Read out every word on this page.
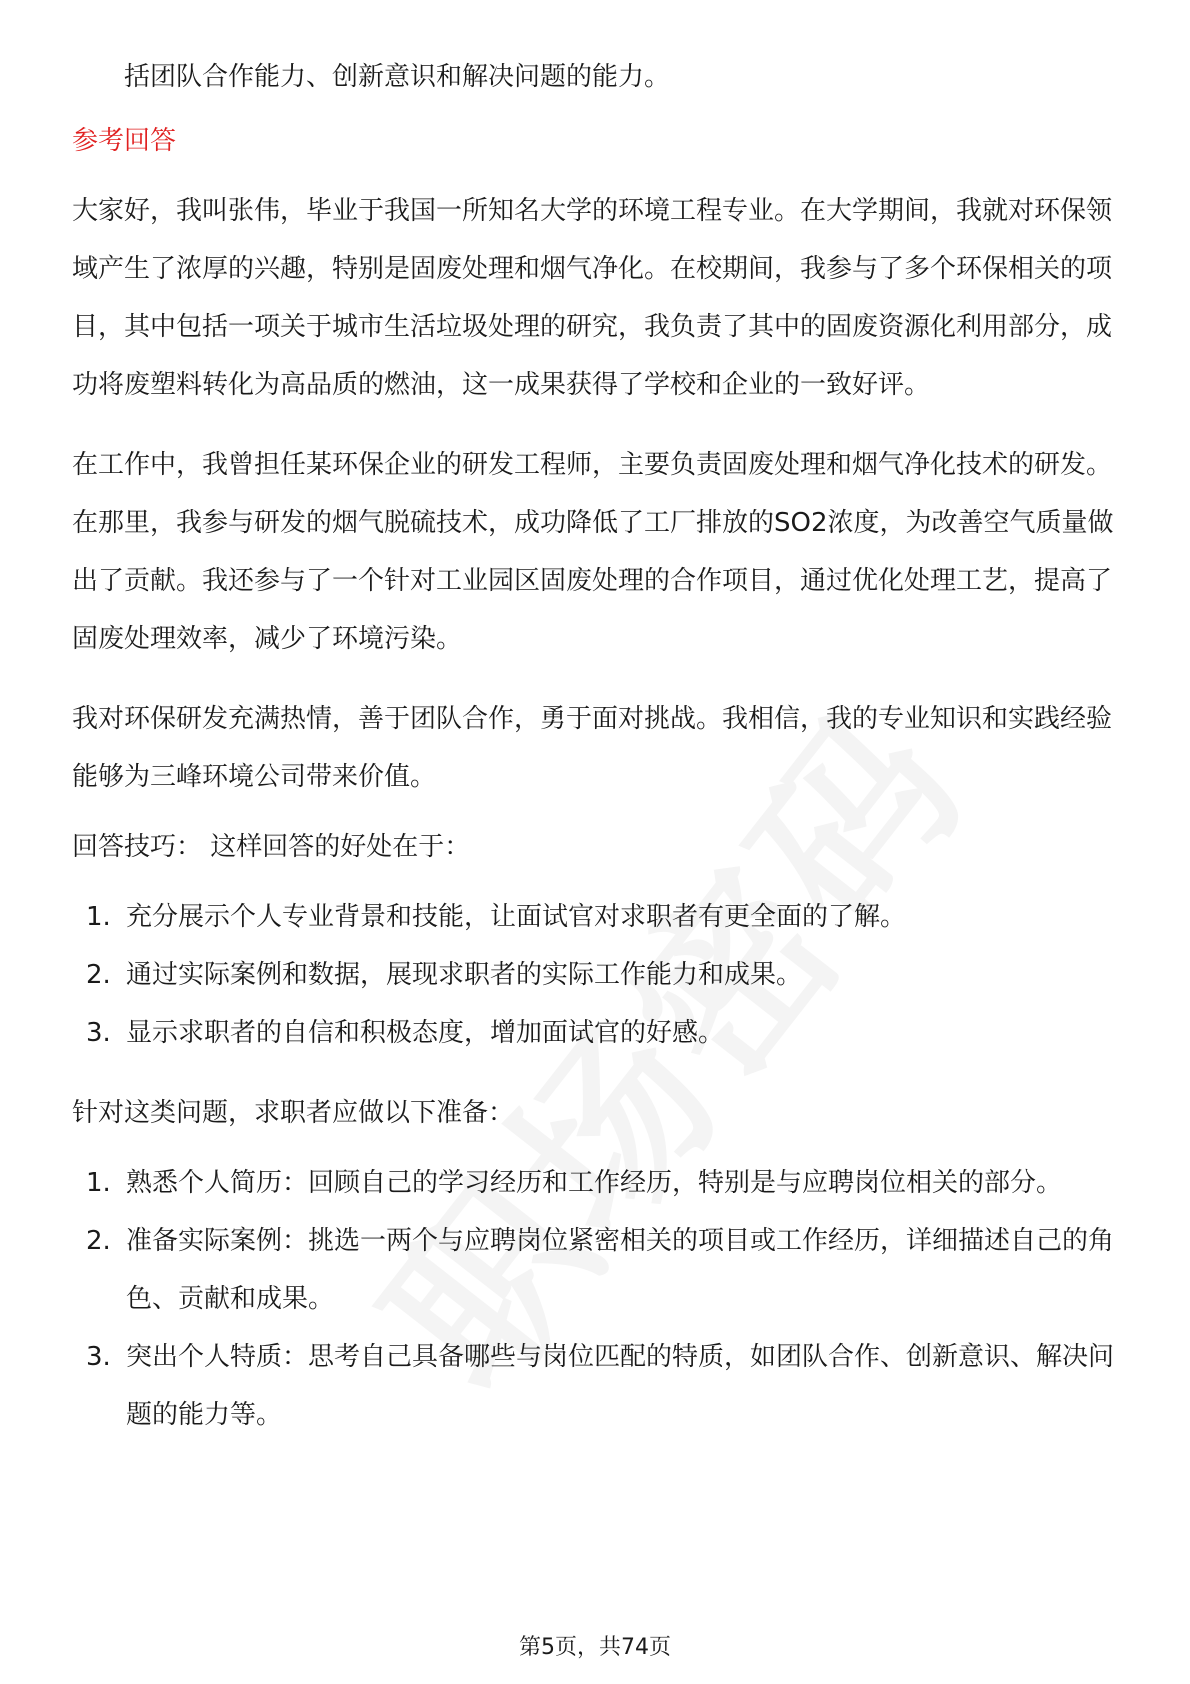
括团队合作能力、创新意识和解决问题的能力。

参考回答

大家好，我叫张伟，毕业于我国一所知名大学的环境工程专业。在大学期间，我就对环保领域产生了浓厚的兴趣，特别是固废处理和烟气净化。在校期间，我参与了多个环保相关的项目，其中包括一项关于城市生活垃圾处理的研究，我负责了其中的固废资源化利用部分，成功将废塑料转化为高品质的燃油，这一成果获得了学校和企业的一致好评。

在工作中，我曾担任某环保企业的研发工程师，主要负责固废处理和烟气净化技术的研发。在那里，我参与研发的烟气脱硫技术，成功降低了工厂排放的SO2浓度，为改善空气质量做出了贡献。我还参与了一个针对工业园区固废处理的合作项目，通过优化处理工艺，提高了固废处理效率，减少了环境污染。

我对环保研发充满热情，善于团队合作，勇于面对挑战。我相信，我的专业知识和实践经验能够为三峰环境公司带来价值。

回答技巧： 这样回答的好处在于：

1. 充分展示个人专业背景和技能，让面试官对求职者有更全面的了解。
2. 通过实际案例和数据，展现求职者的实际工作能力和成果。
3. 显示求职者的自信和积极态度，增加面试官的好感。

针对这类问题，求职者应做以下准备：

1. 熟悉个人简历：回顾自己的学习经历和工作经历，特别是与应聘岗位相关的部分。
2. 准备实际案例：挑选一两个与应聘岗位紧密相关的项目或工作经历，详细描述自己的角色、贡献和成果。
3. 突出个人特质：思考自己具备哪些与岗位匹配的特质，如团队合作、创新意识、解决问题的能力等。
第5页，共74页
